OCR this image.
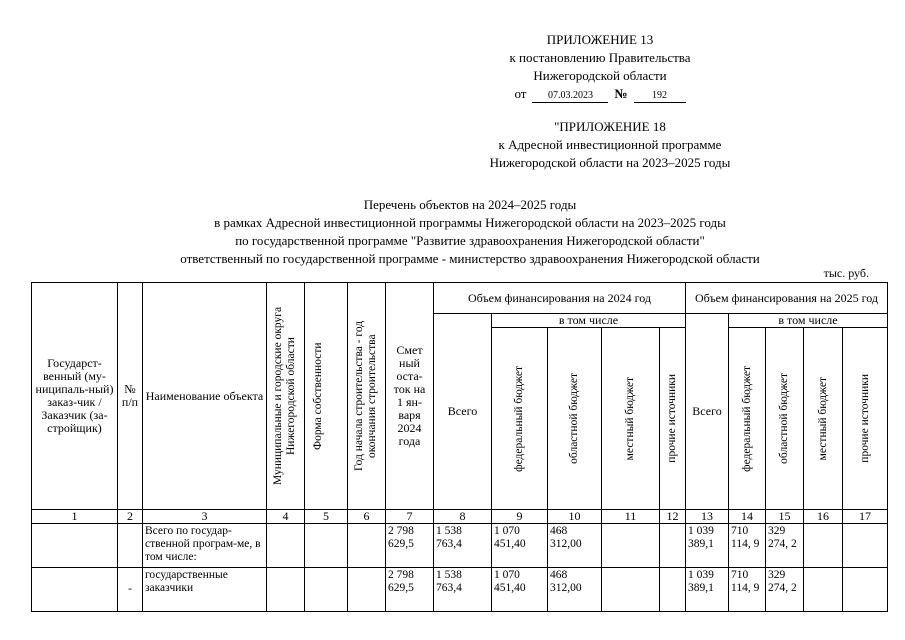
ПРИЛОЖЕНИЕ 13
к постановлению Правительства
Нижегородской области
от	07.03.2023	№	192
"ПРИЛОЖЕНИЕ 18
к Адресной инвестиционной программе
Нижегородской области на 2023–2025 годы
Перечень объектов на 2024–2025 годы
в рамках Адресной инвестиционной программы Нижегородской области на 2023–2025 годы
по государственной программе "Развитие здравоохранения Нижегородской области"
ответственный по государственной программе - министерство здравоохранения Нижегородской области
тыс. руб.
Государст-венный (му-ниципаль-ный) заказ-чик / Заказчик (за-стройщик)	№ п/п	Наименование объекта	Муниципальные и городские округа Нижегородской области	Форма собственности	Год начала строительства - год окончания строительства	Смет ный оста-ток на 1 ян-варя 2024 года	Объем финансирования на 2024 год					Объем финансирования на 2025 год				
							Всего	в том числе				Всего	в том числе			

								федеральный бюджет	областной бюджет	местный бюджет	прочие источники		федеральный бюджет	областной бюджет	местный бюджет	прочие источники

1	2	3	4	5	6	7	8	9	10	11	12	13	14	15	16	17
		Всего по государ-ственной програм-ме, в том числе:				2 798 629,5	1 538 763,4	1 070 451,40	468 312,00			1 039 389,1	710 114, 9	329 274, 2		
	-	государственные заказчики				2 798 629,5	1 538 763,4	1 070 451,40	468 312,00			1 039 389,1	710 114, 9	329 274, 2		
